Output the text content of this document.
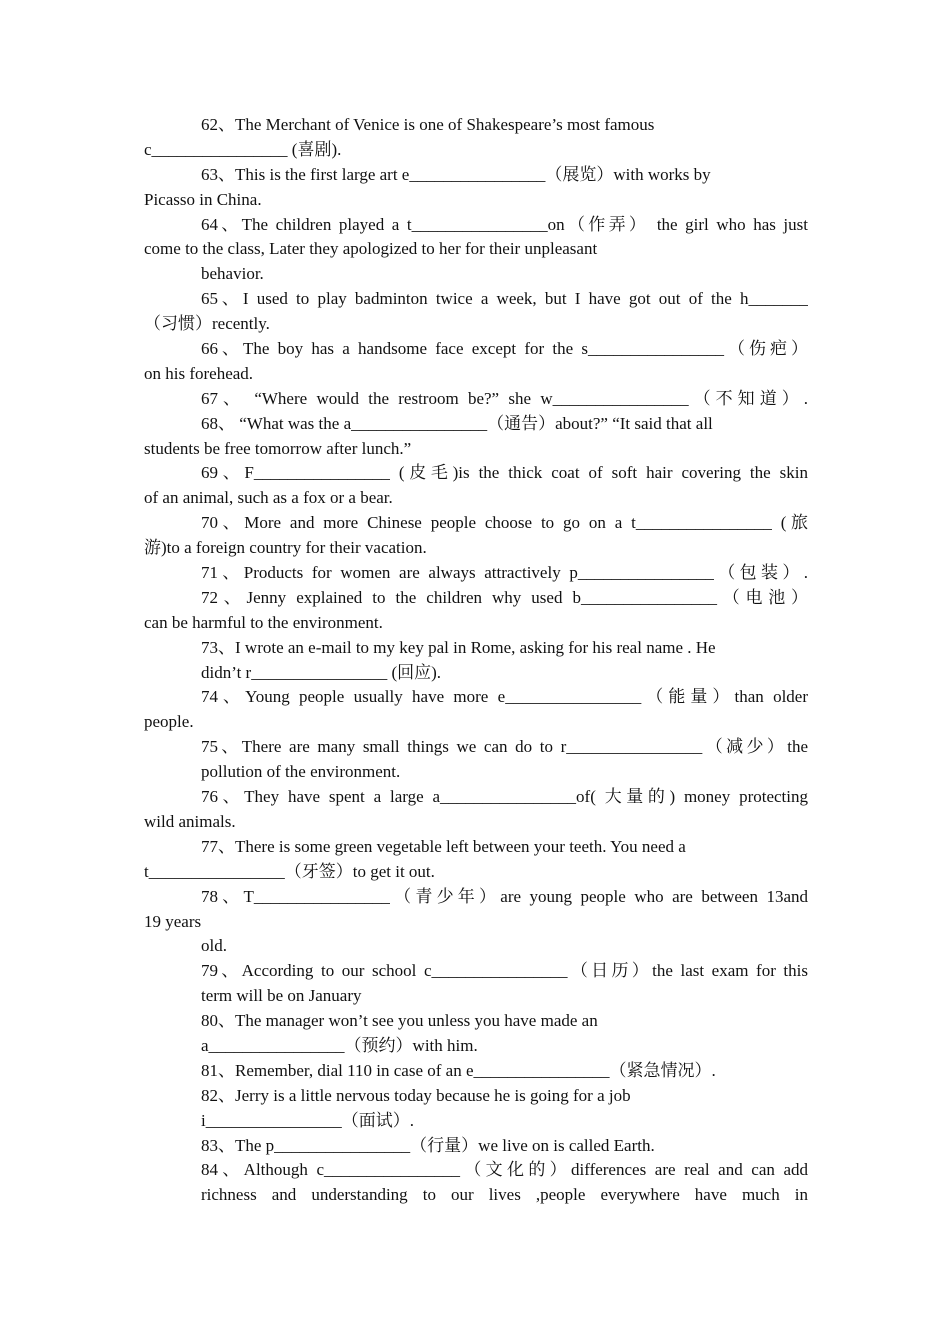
62、The Merchant of Venice is one of Shakespeare’s most famous
c________________ (喜剧).
63、This is the first large art e________________（展览）with works by
Picasso in China.
64、The children played a t________________on（作弄） the girl who has just
come to the class, Later they apologized to her for their unpleasant
behavior.
65、I used to play badminton twice a week, but I have got out of the h_______
（习惯）recently.
66、The boy has a handsome face except for the s________________（伤疤）
on his forehead.
67、 “Where would the restroom be?” she w________________（不知道）.
68、 “What was the a________________（通告）about?” “It said that all
students be free tomorrow after lunch.”
69、F________________ (皮毛)is the thick coat of soft hair covering the skin
of an animal, such as a fox or a bear.
70、More and more Chinese people choose to go on a t________________ (旅
游)to a foreign country for their vacation.
71、Products for women are always attractively p________________（包装）.
72、Jenny explained to the children why used b________________（电池）
can be harmful to the environment.
73、I wrote an e-mail to my key pal in Rome, asking for his real name . He
didn’t r________________ (回应).
74、Young people usually have more e________________（能量）than older
people.
75、There are many small things we can do to r________________（减少）the
pollution of the environment.
76、They have spent a large a________________of( 大量的) money protecting
wild animals.
77、There is some green vegetable left between your teeth. You need a
t________________（牙签）to get it out.
78、T________________（青少年）are young people who are between 13and
19 years
old.
79、According to our school c________________（日历）the last exam for this
term will be on January
80、The manager won’t see you unless you have made an
a________________（预约）with him.
81、Remember, dial 110 in case of an e________________（紧急情况）.
82、Jerry is a little nervous today because he is going for a job
i________________（面试）.
83、The p________________（行量）we live on is called Earth.
84、Although c________________（文化的）differences are real and can add
richness and understanding to our lives ,people everywhere have much in
